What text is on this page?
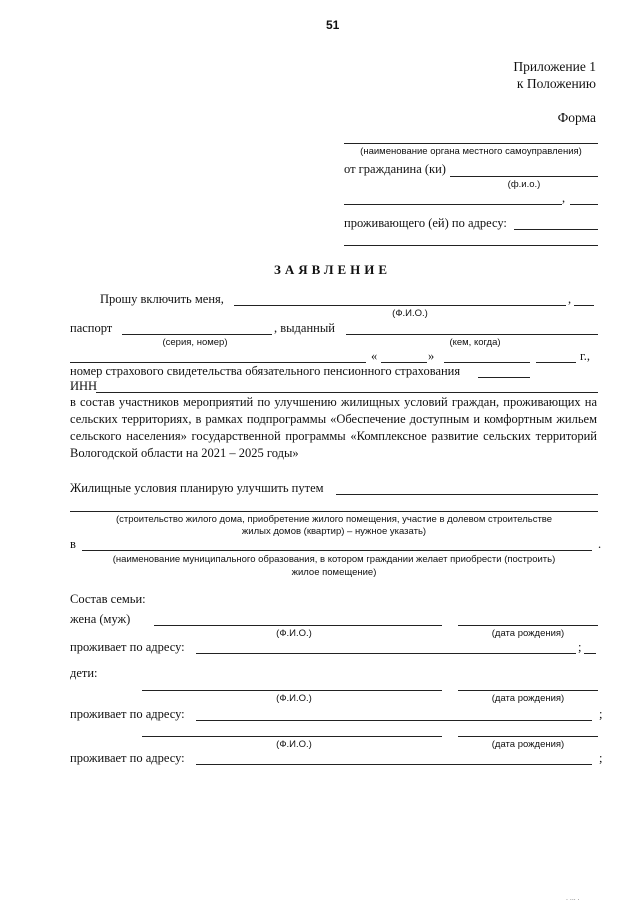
51
Приложение 1
к Положению
Форма
(наименование органа местного самоуправления)
от гражданина (ки)
(ф.и.о.)
,
проживающего (ей) по адресу:
ЗАЯВЛЕНИЕ
Прошу включить меня,	,
(Ф.И.О.)
паспорт	, выданный
(серия, номер)	(кем, когда)
«	»	г.,
номер страхового свидетельства обязательного пенсионного страхования
ИНН
в состав участников мероприятий по улучшению жилищных условий граждан, проживающих на сельских территориях, в рамках подпрограммы «Обеспечение доступным и комфортным жильем сельского населения» государственной программы «Комплексное развитие сельских территорий Вологодской области на 2021 – 2025 годы»
Жилищные условия планирую улучшить путем
(строительство жилого дома, приобретение жилого помещения, участие в долевом строительстве
жилых домов (квартир) – нужное указать)
в	.
(наименование муниципального образования, в котором граждании желает приобрести (построить)
жилое помещение)
Состав семьи:
жена (муж)
(Ф.И.О.)	(дата рождения)
проживает по адресу:	;
дети:
(Ф.И.О.)	(дата рождения)
проживает по адресу:	;
(Ф.И.О.)	(дата рождения)
проживает по адресу:	;
. ... .
